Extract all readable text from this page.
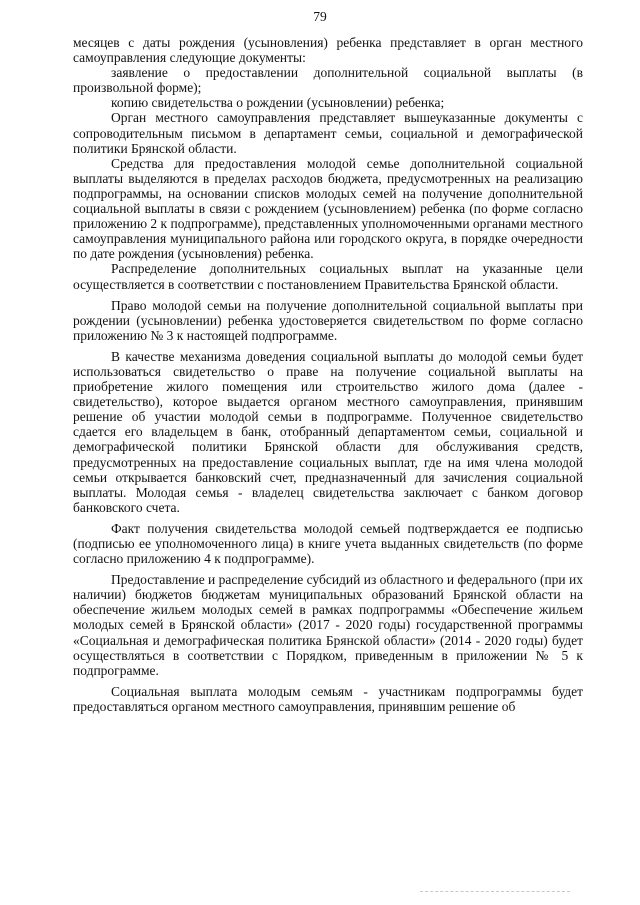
79

месяцев с даты рождения (усыновления) ребенка представляет в орган местного самоуправления следующие документы:

заявление о предоставлении дополнительной социальной выплаты (в произвольной форме);

копию свидетельства о рождении (усыновлении) ребенка;

Орган местного самоуправления представляет вышеуказанные документы с сопроводительным письмом в департамент семьи, социальной и демографической политики Брянской области.

Средства для предоставления молодой семье дополнительной социальной выплаты выделяются в пределах расходов бюджета, предусмотренных на реализацию подпрограммы, на основании списков молодых семей на получение дополнительной социальной выплаты в связи с рождением (усыновлением) ребенка (по форме согласно приложению 2 к подпрограмме), представленных уполномоченными органами местного самоуправления муниципального района или городского округа, в порядке очередности по дате рождения (усыновления) ребенка.

Распределение дополнительных социальных выплат на указанные цели осуществляется в соответствии с постановлением Правительства Брянской области.

Право молодой семьи на получение дополнительной социальной выплаты при рождении (усыновлении) ребенка удостоверяется свидетельством по форме согласно приложению № 3 к настоящей подпрограмме.

В качестве механизма доведения социальной выплаты до молодой семьи будет использоваться свидетельство о праве на получение социальной выплаты на приобретение жилого помещения или строительство жилого дома (далее - свидетельство), которое выдается органом местного самоуправления, принявшим решение об участии молодой семьи в подпрограмме. Полученное свидетельство сдается его владельцем в банк, отобранный департаментом семьи, социальной и демографической политики Брянской области для обслуживания средств, предусмотренных на предоставление социальных выплат, где на имя члена молодой семьи открывается банковский счет, предназначенный для зачисления социальной выплаты. Молодая семья - владелец свидетельства заключает с банком договор банковского счета.

Факт получения свидетельства молодой семьей подтверждается ее подписью (подписью ее уполномоченного лица) в книге учета выданных свидетельств (по форме согласно приложению 4 к подпрограмме).

Предоставление и распределение субсидий из областного и федерального (при их наличии) бюджетов бюджетам муниципальных образований Брянской области на обеспечение жильем молодых семей в рамках подпрограммы «Обеспечение жильем молодых семей в Брянской области» (2017 - 2020 годы) государственной программы «Социальная и демографическая политика Брянской области» (2014 - 2020 годы) будет осуществляться в соответствии с Порядком, приведенным в приложении № 5 к подпрограмме.

Социальная выплата молодым семьям - участникам подпрограммы будет предоставляться органом местного самоуправления, принявшим решение об
